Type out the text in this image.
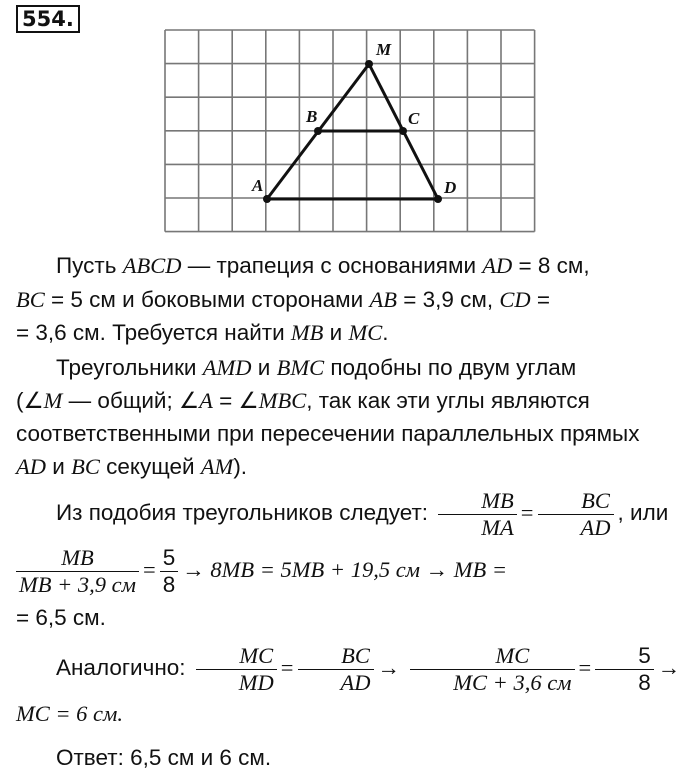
554.
M
B	C
A	D
Пусть ABCD — трапеция с основаниями AD = 8 см,
BC = 5 см и боковыми сторонами AB = 3,9 см, CD =
= 3,6 см. Требуется найти MB и MC.
Треугольники AMD и BMC подобны по двум углам
(∠M — общий; ∠A = ∠MBC, так как эти углы являются
соответственными при пересечении параллельных прямых
AD и BC секущей AM).
Из подобия треугольников следует: $\frac{MB}{MA} = \frac{BC}{AD}$ , или
$\frac{MB}{MB + 3,9 см} = \frac{5}{8} \to 8MB = 5MB + 19,5$ см → MB =
= 6,5 см.
Аналогично: $\frac{MC}{MD} = \frac{BC}{AD} \to \frac{MC}{MC + 3,6 см} = \frac{5}{8}$ →
MC = 6 см.
Ответ: 6,5 см и 6 см.
